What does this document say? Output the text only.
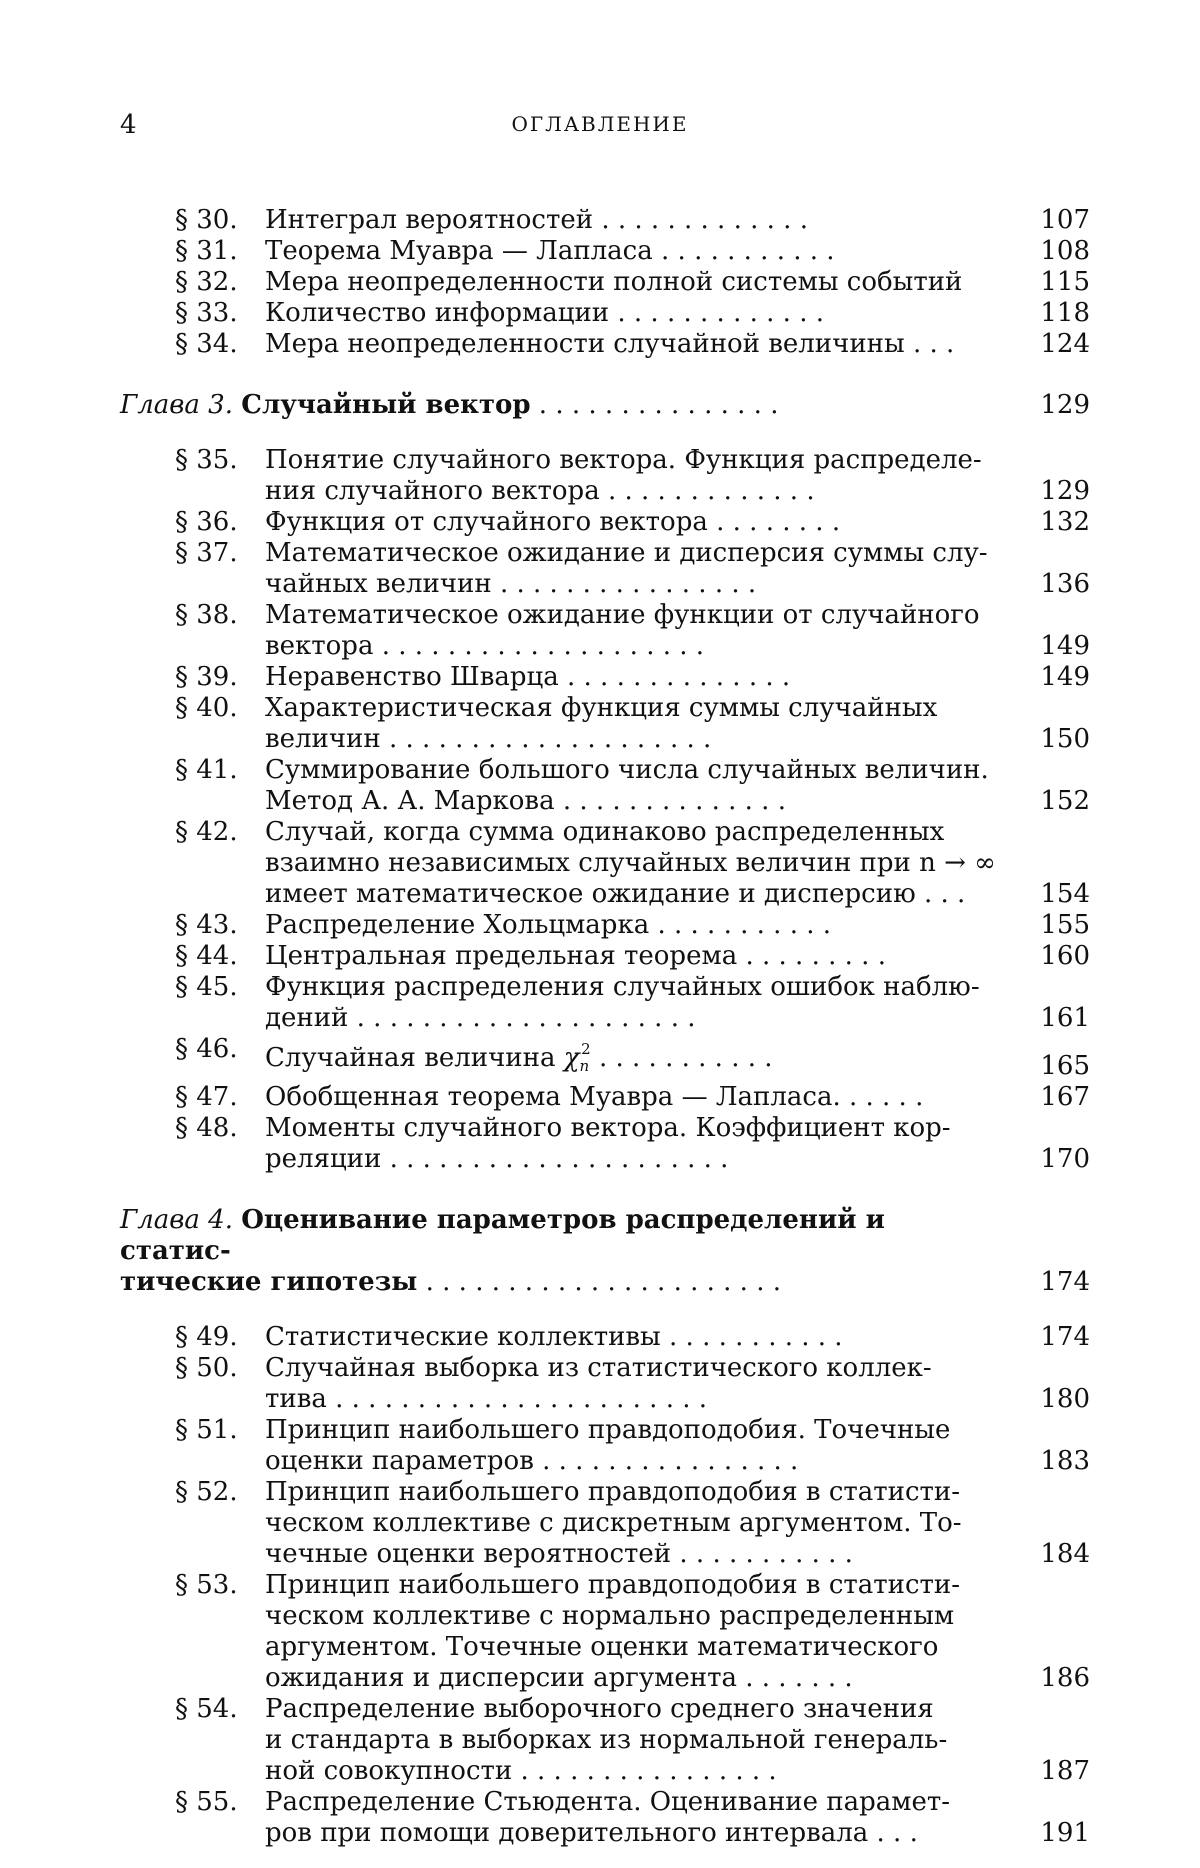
4	ОГЛАВЛЕНИЕ
§ 30.	Интеграл вероятностей . . . . . . . . . . . . .	107
§ 31.	Теорема Муавра — Лапласа . . . . . . . . . . .	108
§ 32.	Мера неопределенности полной системы событий	115
§ 33.	Количество информации . . . . . . . . . . . . .	118
§ 34.	Мера неопределенности случайной величины . . .	124
Глава 3. Случайный вектор . . . . . . . . . . . . . . .	129
§ 35.	Понятие случайного вектора. Функция распределе-
ния случайного вектора . . . . . . . . . . . . .	129
§ 36.	Функция от случайного вектора . . . . . . . .	132
§ 37.	Математическое ожидание и дисперсия суммы слу-
чайных величин . . . . . . . . . . . . . . . .	136
§ 38.	Математическое ожидание функции от случайного
вектора . . . . . . . . . . . . . . . . . . . .	149
§ 39.	Неравенство Шварца . . . . . . . . . . . . . .	149
§ 40.	Характеристическая функция суммы случайных
величин . . . . . . . . . . . . . . . . . . . .	150
§ 41.	Суммирование большого числа случайных величин.
Метод А. А. Маркова . . . . . . . . . . . . . .	152
§ 42.	Случай, когда сумма одинаково распределенных
взаимно независимых случайных величин при n → ∞
имеет математическое ожидание и дисперсию . . .	154
§ 43.	Распределение Хольцмарка . . . . . . . . . . .	155
§ 44.	Центральная предельная теорема . . . . . . . . .	160
§ 45.	Функция распределения случайных ошибок наблю-
дений . . . . . . . . . . . . . . . . . . . . .	161
§ 46.	Случайная величина $\chi_n^2$ . . . . . . . . . . .	165
§ 47.	Обобщенная теорема Муавра — Лапласа. . . . . .	167
§ 48.	Моменты случайного вектора. Коэффициент кор-
реляции . . . . . . . . . . . . . . . . . . . . .	170
Глава 4. Оценивание параметров распределений и статис-
тические гипотезы . . . . . . . . . . . . . . . . . . . . . .	174
§ 49.	Статистические коллективы . . . . . . . . . . .	174
§ 50.	Случайная выборка из статистического коллек-
тива . . . . . . . . . . . . . . . . . . . . . . .	180
§ 51.	Принцип наибольшего правдоподобия. Точечные
оценки параметров . . . . . . . . . . . . . . . .	183
§ 52.	Принцип наибольшего правдоподобия в статисти-
ческом коллективе с дискретным аргументом. То-
чечные оценки вероятностей . . . . . . . . . . .	184
§ 53.	Принцип наибольшего правдоподобия в статисти-
ческом коллективе с нормально распределенным
аргументом. Точечные оценки математического
ожидания и дисперсии аргумента . . . . . . .	186
§ 54.	Распределение выборочного среднего значения
и стандарта в выборках из нормальной генераль-
ной совокупности . . . . . . . . . . . . . . . .	187
§ 55.	Распределение Стьюдента. Оценивание парамет-
ров при помощи доверительного интервала . . .	191
